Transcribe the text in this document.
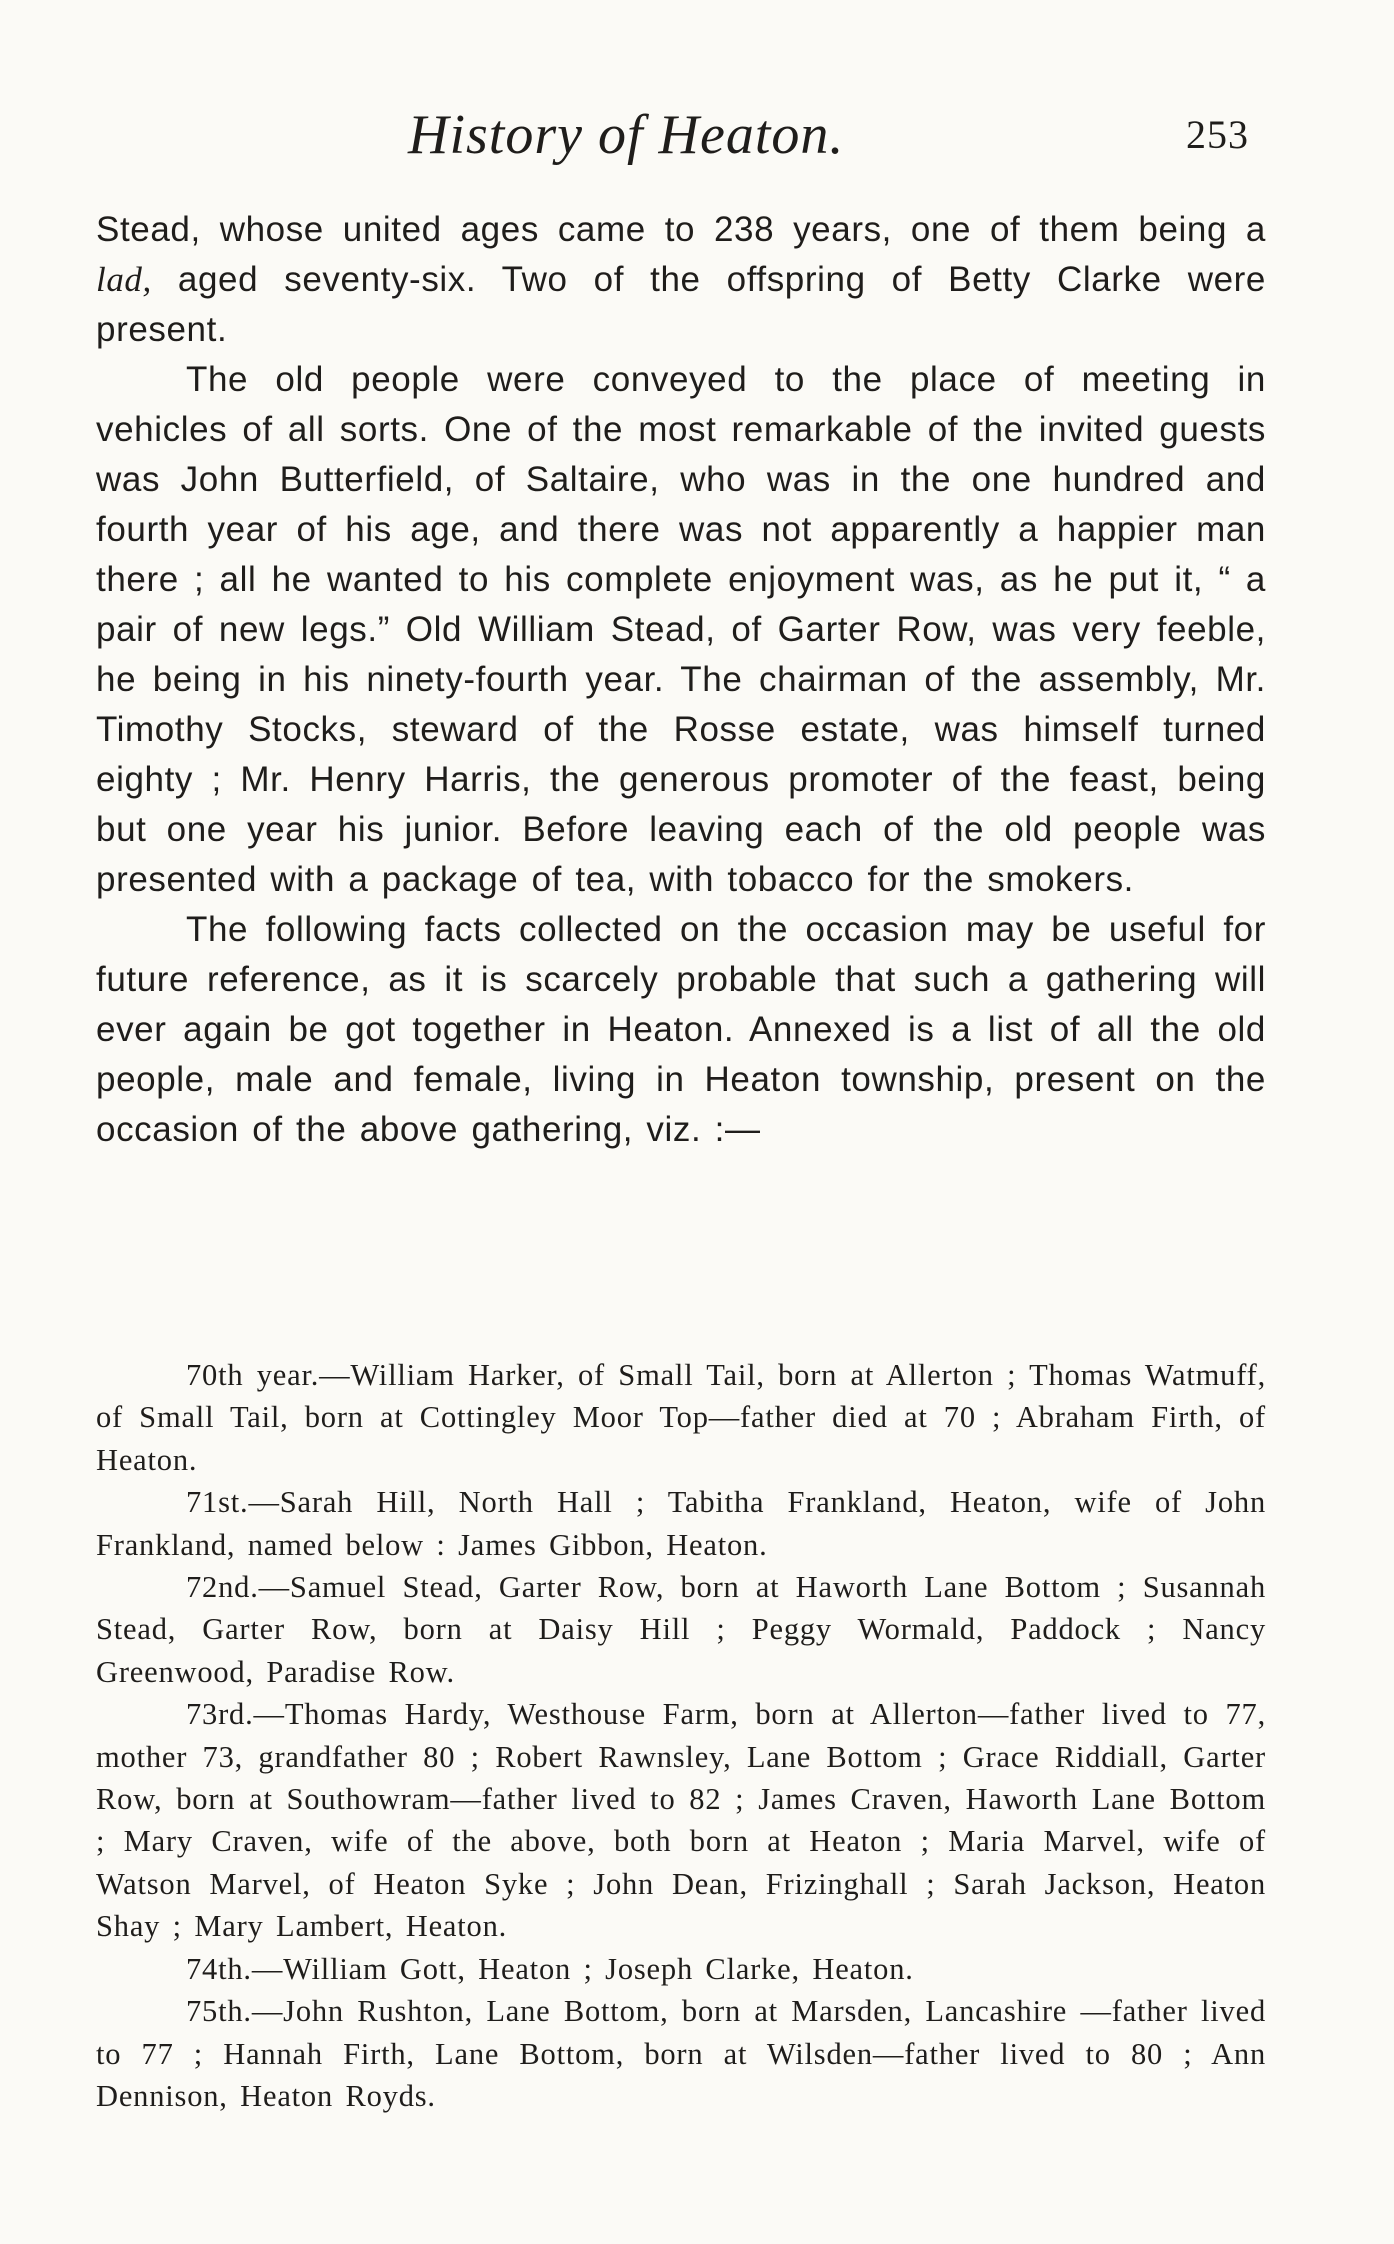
History of Heaton.	253

Stead, whose united ages came to 238 years, one of them being a lad, aged seventy-six. Two of the offspring of Betty Clarke were present.

The old people were conveyed to the place of meeting in vehicles of all sorts. One of the most remarkable of the invited guests was John Butterfield, of Saltaire, who was in the one hundred and fourth year of his age, and there was not apparently a happier man there ; all he wanted to his complete enjoyment was, as he put it, “ a pair of new legs.” Old William Stead, of Garter Row, was very feeble, he being in his ninety-fourth year. The chairman of the assembly, Mr. Timothy Stocks, steward of the Rosse estate, was himself turned eighty ; Mr. Henry Harris, the generous promoter of the feast, being but one year his junior. Before leaving each of the old people was presented with a package of tea, with tobacco for the smokers.

The following facts collected on the occasion may be useful for future reference, as it is scarcely probable that such a gathering will ever again be got together in Heaton. Annexed is a list of all the old people, male and female, living in Heaton township, present on the occasion of the above gathering, viz. :—

70th year.—William Harker, of Small Tail, born at Allerton ; Thomas Watmuff, of Small Tail, born at Cottingley Moor Top—father died at 70 ; Abraham Firth, of Heaton.

71st.—Sarah Hill, North Hall ; Tabitha Frankland, Heaton, wife of John Frankland, named below : James Gibbon, Heaton.

72nd.—Samuel Stead, Garter Row, born at Haworth Lane Bottom ; Susannah Stead, Garter Row, born at Daisy Hill ; Peggy Wormald, Paddock ; Nancy Greenwood, Paradise Row.

73rd.—Thomas Hardy, Westhouse Farm, born at Allerton—father lived to 77, mother 73, grandfather 80 ; Robert Rawnsley, Lane Bottom ; Grace Riddiall, Garter Row, born at Southowram—father lived to 82 ; James Craven, Haworth Lane Bottom ; Mary Craven, wife of the above, both born at Heaton ; Maria Marvel, wife of Watson Marvel, of Heaton Syke ; John Dean, Frizinghall ; Sarah Jackson, Heaton Shay ; Mary Lambert, Heaton.

74th.—William Gott, Heaton ; Joseph Clarke, Heaton.

75th.—John Rushton, Lane Bottom, born at Marsden, Lancashire —father lived to 77 ; Hannah Firth, Lane Bottom, born at Wilsden—father lived to 80 ; Ann Dennison, Heaton Royds.
